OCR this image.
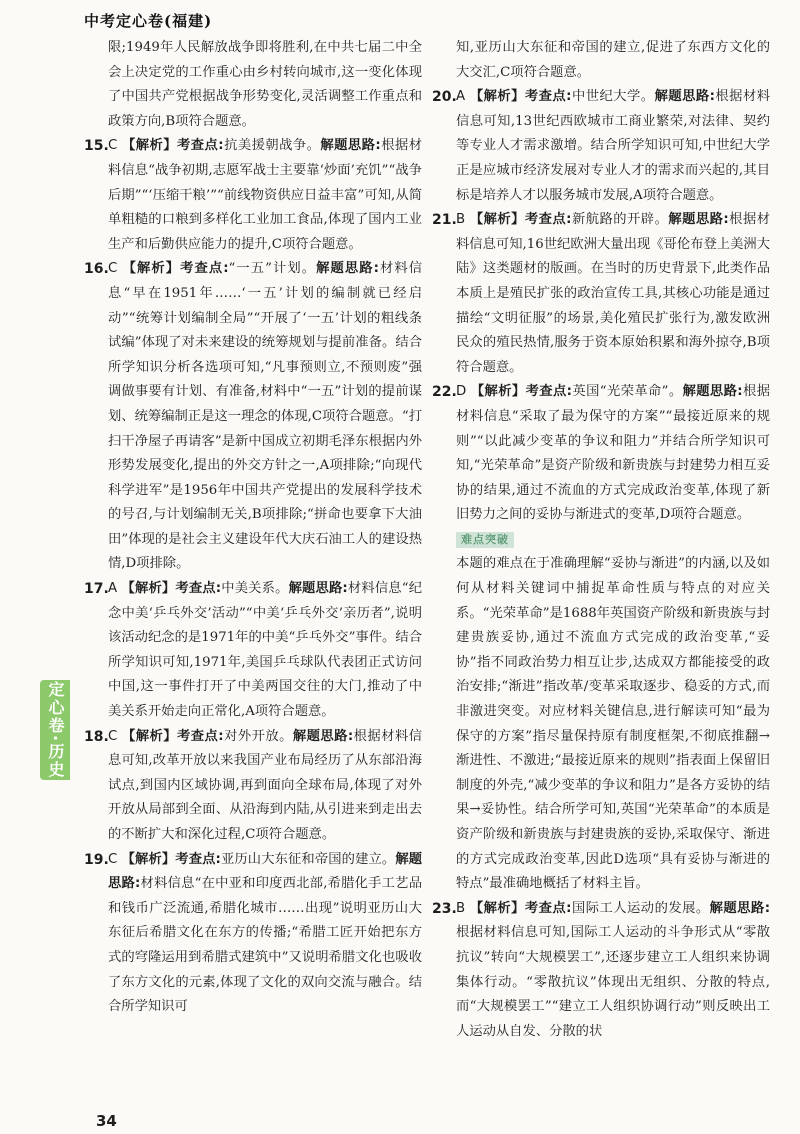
中考定心卷(福建)

限;1949年人民解放战争即将胜利,在中共七届二中全会上决定党的工作重心由乡村转向城市,这一变化体现了中国共产党根据战争形势变化,灵活调整工作重点和政策方向,B项符合题意。

15. C 【解析】考查点:抗美援朝战争。解题思路:根据材料信息“战争初期,志愿军战士主要靠‘炒面’充饥”“战争后期”“‘压缩干粮’”“前线物资供应日益丰富”可知,从简单粗糙的口粮到多样化工业加工食品,体现了国内工业生产和后勤供应能力的提升,C项符合题意。
16. C 【解析】考查点:“一五”计划。解题思路:材料信息“早在1951年……‘一五’计划的编制就已经启动”“统筹计划编制全局”“开展了‘一五’计划的粗线条试编”体现了对未来建设的统筹规划与提前准备。结合所学知识分析各选项可知,“凡事预则立,不预则废”强调做事要有计划、有准备,材料中“一五”计划的提前谋划、统筹编制正是这一理念的体现,C项符合题意。“打扫干净屋子再请客”是新中国成立初期毛泽东根据内外形势发展变化,提出的外交方针之一,A项排除;“向现代科学进军”是1956年中国共产党提出的发展科学技术的号召,与计划编制无关,B项排除;“拼命也要拿下大油田”体现的是社会主义建设年代大庆石油工人的建设热情,D项排除。
17. A 【解析】考查点:中美关系。解题思路:材料信息“纪念中美‘乒乓外交’活动”“中美‘乒乓外交’亲历者”,说明该活动纪念的是1971年的中美“乒乓外交”事件。结合所学知识可知,1971年,美国乒乓球队代表团正式访问中国,这一事件打开了中美两国交往的大门,推动了中美关系开始走向正常化,A项符合题意。
18. C 【解析】考查点:对外开放。解题思路:根据材料信息可知,改革开放以来我国产业布局经历了从东部沿海试点,到国内区域协调,再到面向全球布局,体现了对外开放从局部到全面、从沿海到内陆,从引进来到走出去的不断扩大和深化过程,C项符合题意。
19. C 【解析】考查点:亚历山大东征和帝国的建立。解题思路:材料信息“在中亚和印度西北部,希腊化手工艺品和钱币广泛流通,希腊化城市……出现”说明亚历山大东征后希腊文化在东方的传播;“希腊工匠开始把东方式的穹隆运用到希腊式建筑中”又说明希腊文化也吸收了东方文化的元素,体现了文化的双向交流与融合。结合所学知识可

知,亚历山大东征和帝国的建立,促进了东西方文化的大交汇,C项符合题意。

20. A 【解析】考查点:中世纪大学。解题思路:根据材料信息可知,13世纪西欧城市工商业繁荣,对法律、契约等专业人才需求激增。结合所学知识可知,中世纪大学正是应城市经济发展对专业人才的需求而兴起的,其目标是培养人才以服务城市发展,A项符合题意。
21. B 【解析】考查点:新航路的开辟。解题思路:根据材料信息可知,16世纪欧洲大量出现《哥伦布登上美洲大陆》这类题材的版画。在当时的历史背景下,此类作品本质上是殖民扩张的政治宣传工具,其核心功能是通过描绘“文明征服”的场景,美化殖民扩张行为,激发欧洲民众的殖民热情,服务于资本原始积累和海外掠夺,B项符合题意。
22. D 【解析】考查点:英国“光荣革命”。解题思路:根据材料信息“采取了最为保守的方案”“最接近原来的规则”“以此减少变革的争议和阻力”并结合所学知识可知,“光荣革命”是资产阶级和新贵族与封建势力相互妥协的结果,通过不流血的方式完成政治变革,体现了新旧势力之间的妥协与渐进式的变革,D项符合题意。
难点突破

本题的难点在于准确理解“妥协与渐进”的内涵,以及如何从材料关键词中捕捉革命性质与特点的对应关系。“光荣革命”是1688年英国资产阶级和新贵族与封建贵族妥协,通过不流血方式完成的政治变革,“妥协”指不同政治势力相互让步,达成双方都能接受的政治安排;“渐进”指改革/变革采取逐步、稳妥的方式,而非激进突变。对应材料关键信息,进行解读可知“最为保守的方案”指尽量保持原有制度框架,不彻底推翻→渐进性、不激进;“最接近原来的规则”指表面上保留旧制度的外壳,“减少变革的争议和阻力”是各方妥协的结果→妥协性。结合所学可知,英国“光荣革命”的本质是资产阶级和新贵族与封建贵族的妥协,采取保守、渐进的方式完成政治变革,因此D选项“具有妥协与渐进的特点”最准确地概括了材料主旨。

23. B 【解析】考查点:国际工人运动的发展。解题思路:根据材料信息可知,国际工人运动的斗争形式从“零散抗议”转向“大规模罢工”,还逐步建立工人组织来协调集体行动。“零散抗议”体现出无组织、分散的特点,而“大规模罢工”“建立工人组织协调行动”则反映出工人运动从自发、分散的状
定心卷·历史
34
